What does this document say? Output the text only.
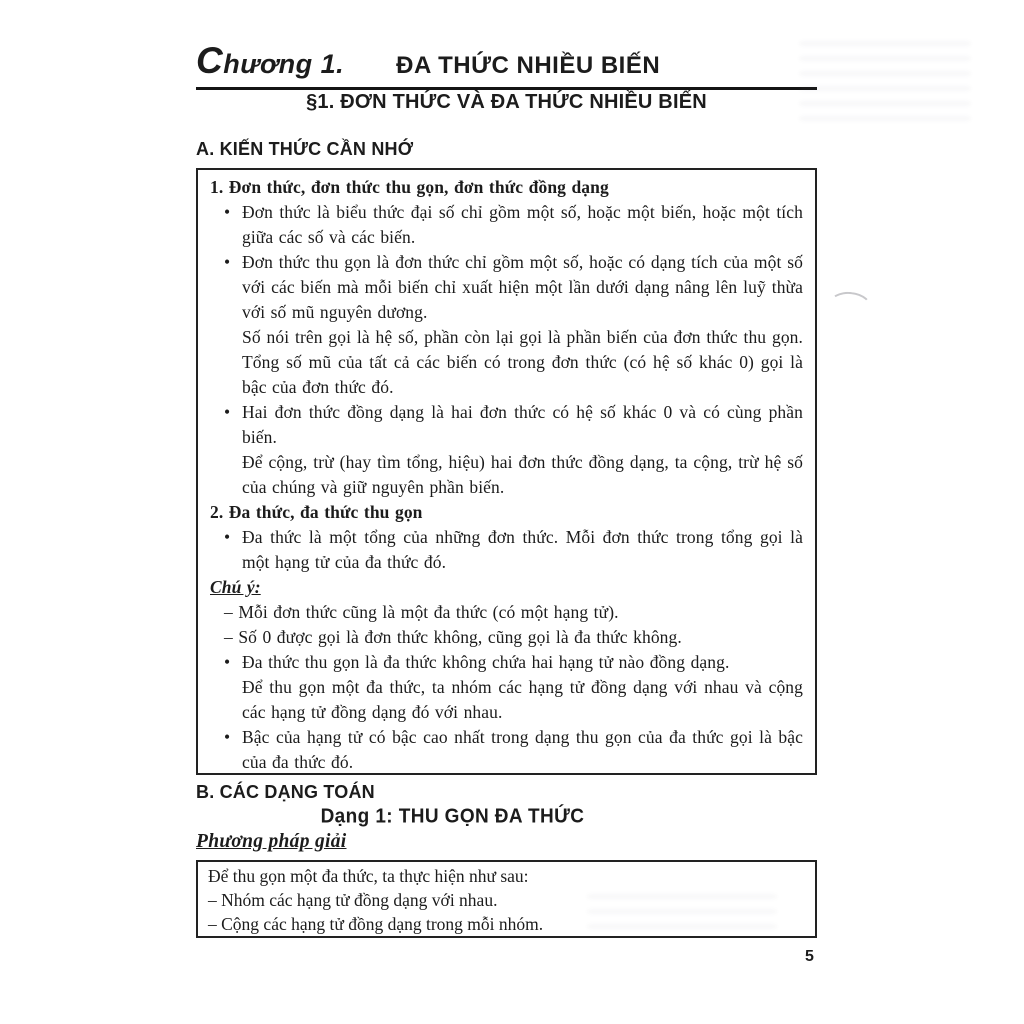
Chương 1. ĐA THỨC NHIỀU BIẾN
§1. ĐƠN THỨC VÀ ĐA THỨC NHIỀU BIẾN
A. KIẾN THỨC CẦN NHỚ
1. Đơn thức, đơn thức thu gọn, đơn thức đồng dạng
• Đơn thức là biểu thức đại số chỉ gồm một số, hoặc một biến, hoặc một tích giữa các số và các biến.
• Đơn thức thu gọn là đơn thức chỉ gồm một số, hoặc có dạng tích của một số với các biến mà mỗi biến chỉ xuất hiện một lần dưới dạng nâng lên luỹ thừa với số mũ nguyên dương.
Số nói trên gọi là hệ số, phần còn lại gọi là phần biến của đơn thức thu gọn. Tổng số mũ của tất cả các biến có trong đơn thức (có hệ số khác 0) gọi là bậc của đơn thức đó.
• Hai đơn thức đồng dạng là hai đơn thức có hệ số khác 0 và có cùng phần biến.
Để cộng, trừ (hay tìm tổng, hiệu) hai đơn thức đồng dạng, ta cộng, trừ hệ số của chúng và giữ nguyên phần biến.
2. Đa thức, đa thức thu gọn
• Đa thức là một tổng của những đơn thức. Mỗi đơn thức trong tổng gọi là một hạng tử của đa thức đó.
Chú ý:
– Mỗi đơn thức cũng là một đa thức (có một hạng tử).
– Số 0 được gọi là đơn thức không, cũng gọi là đa thức không.
• Đa thức thu gọn là đa thức không chứa hai hạng tử nào đồng dạng.
Để thu gọn một đa thức, ta nhóm các hạng tử đồng dạng với nhau và cộng các hạng tử đồng dạng đó với nhau.
• Bậc của hạng tử có bậc cao nhất trong dạng thu gọn của đa thức gọi là bậc của đa thức đó.
B. CÁC DẠNG TOÁN
Dạng 1: THU GỌN ĐA THỨC
Phương pháp giải
Để thu gọn một đa thức, ta thực hiện như sau:
– Nhóm các hạng tử đồng dạng với nhau.
– Cộng các hạng tử đồng dạng trong mỗi nhóm.
5
